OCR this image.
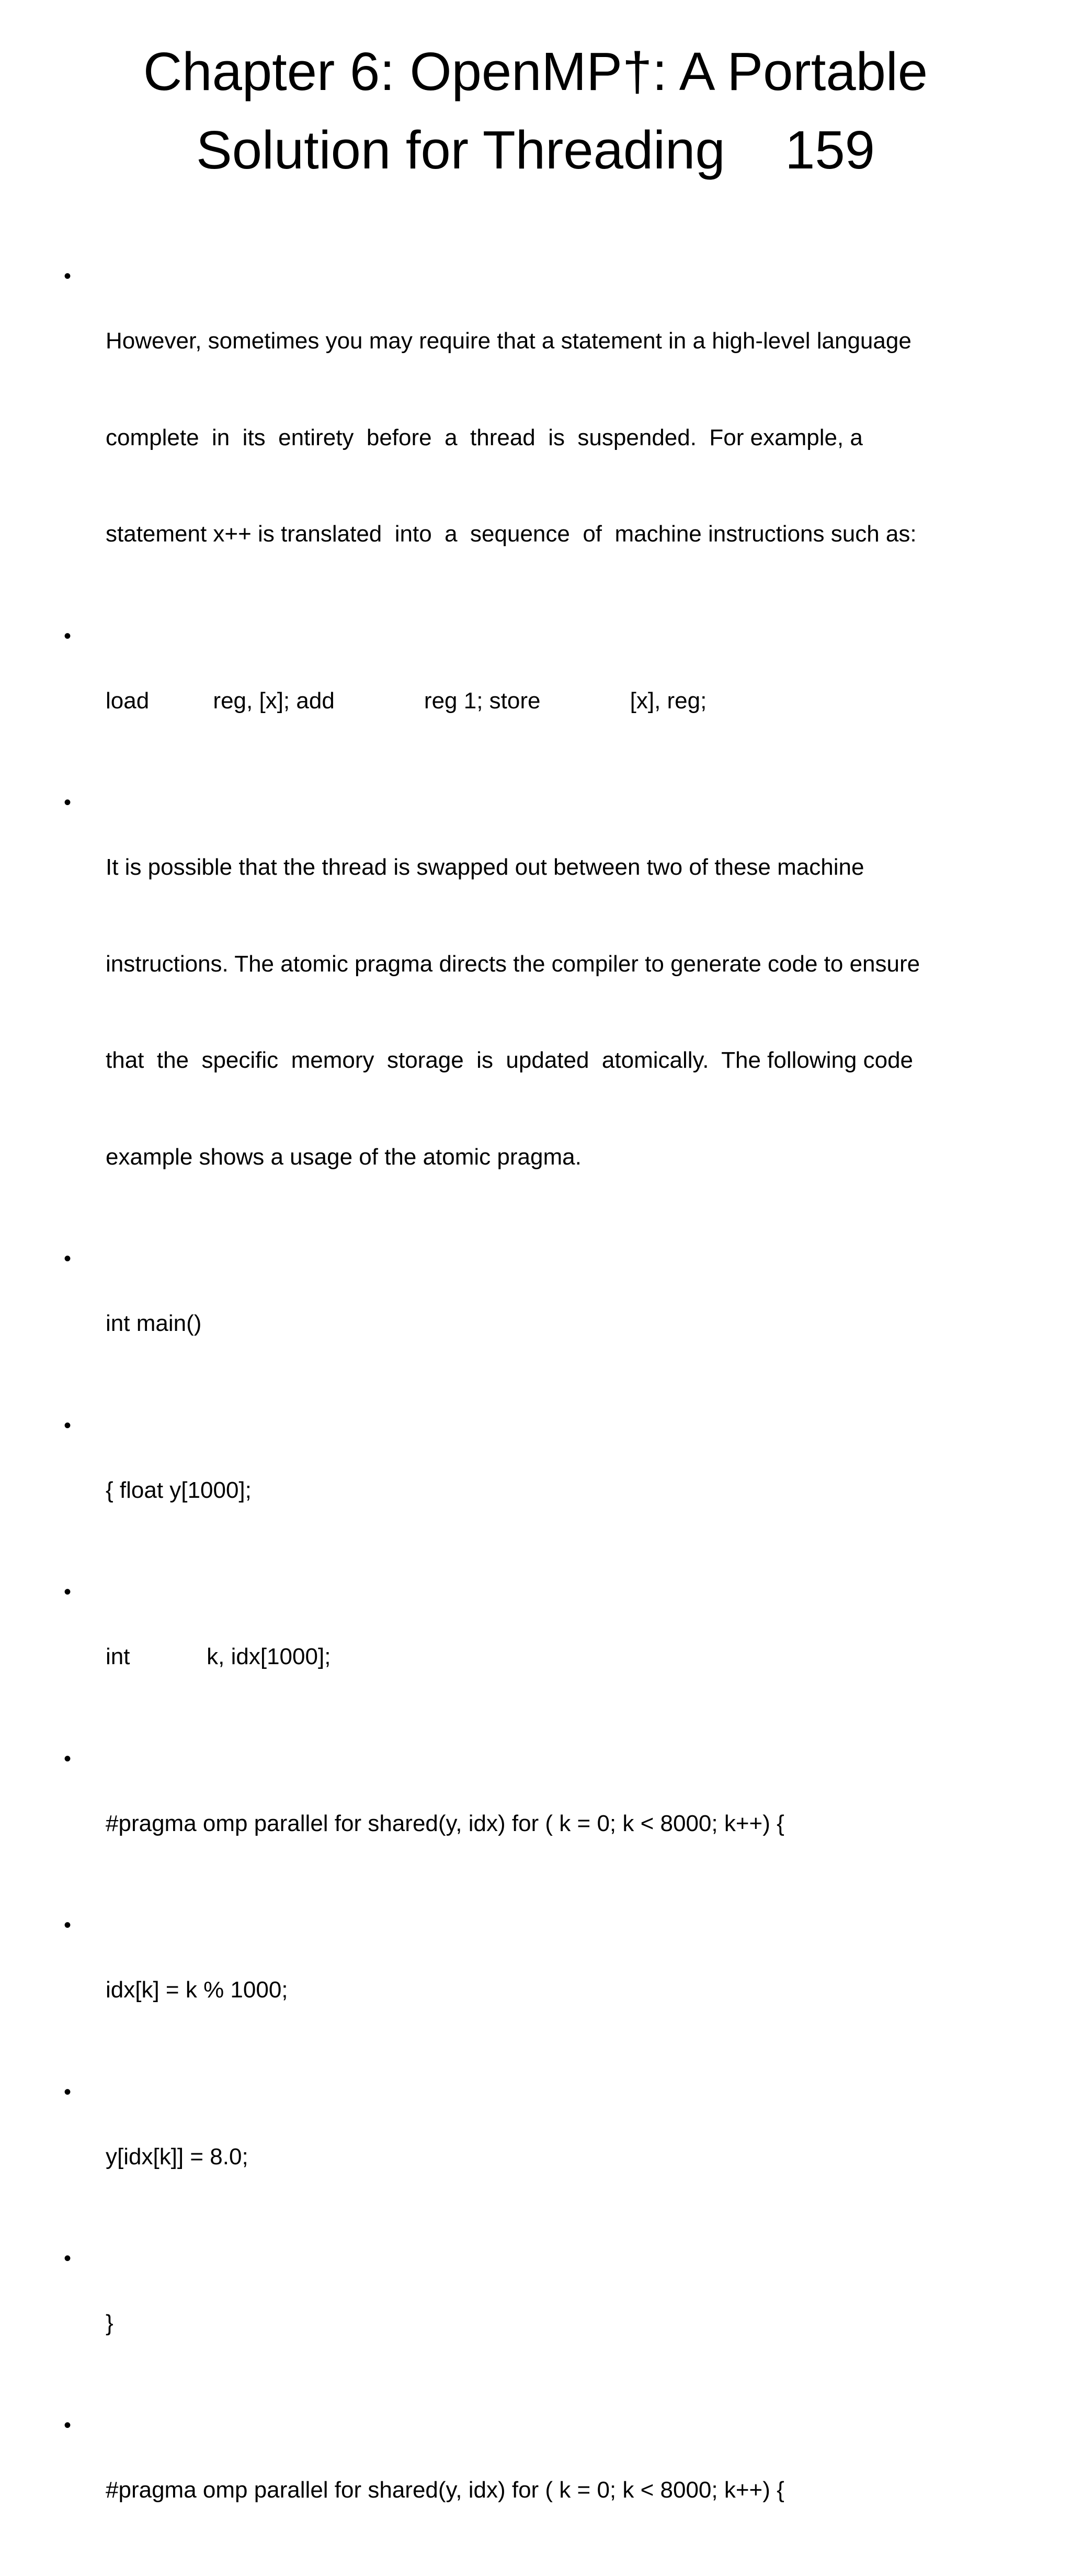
Chapter 6: OpenMP†: A Portable
Solution for Threading    159
•

However, sometimes you may require that a statement in a high-level language

complete  in  its  entirety  before  a  thread  is  suspended.  For example, a

statement x++ is translated  into  a  sequence  of  machine instructions such as:

•

load          reg, [x]; add              reg 1; store              [x], reg;

•

It is possible that the thread is swapped out between two of these machine

instructions. The atomic pragma directs the compiler to generate code to ensure

that  the  specific  memory  storage  is  updated  atomically.  The following code

example shows a usage of the atomic pragma.

•

int main()

•

{ float y[1000];

•

int            k, idx[1000];

•

#pragma omp parallel for shared(y, idx) for ( k = 0; k < 8000; k++) {

•

idx[k] = k % 1000;

•

y[idx[k]] = 8.0;

•

}

•

#pragma omp parallel for shared(y, idx) for ( k = 0; k < 8000; k++) {
